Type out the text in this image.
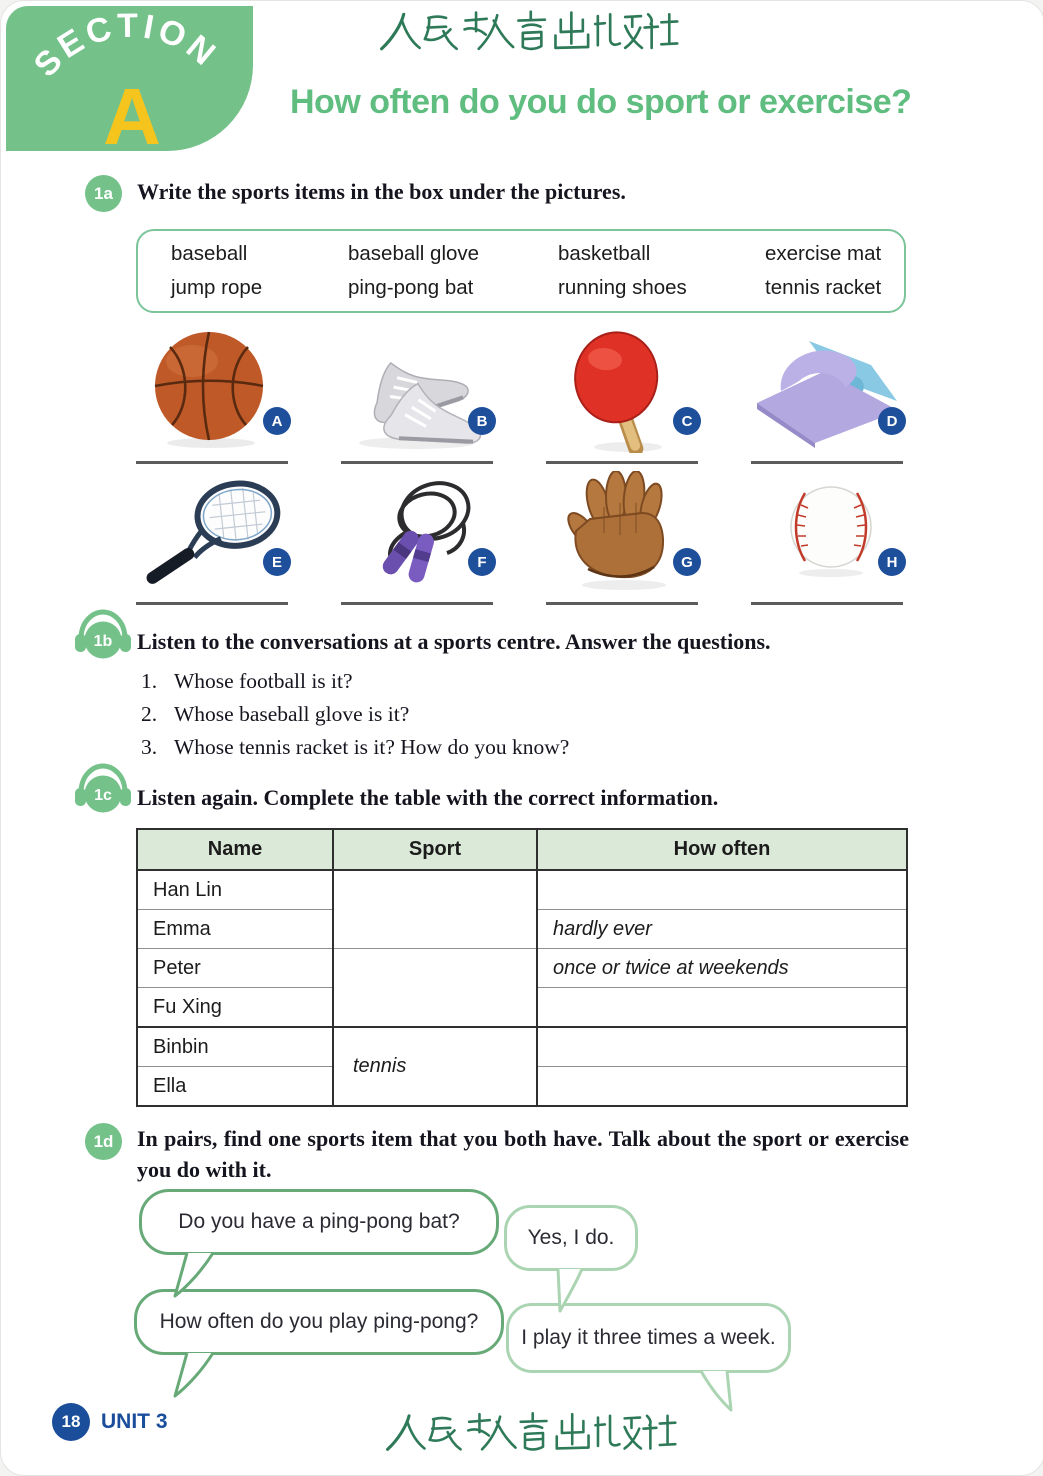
SECTION
A	How often do you do sport or exercise?
1a	Write the sports items in the box under the pictures.
baseball	baseball glove	basketball	exercise mat
jump rope	ping-pong bat	running shoes	tennis racket
A	B	C	D
E	F	G	H
1b Listen to the conversations at a sports centre. Answer the questions.
1. Whose football is it?
2. Whose baseball glove is it?
3. Whose tennis racket is it? How do you know?
1c Listen again. Complete the table with the correct information.
Name	Sport	How often
Han Lin		
Emma		hardly ever
Peter		once or twice at weekends
Fu Xing		
Binbin	tennis	
Ella		
1d	In pairs, find one sports item that you both have. Talk about the sport or exercise you do with it.
Do you have a ping-pong bat?
Yes, I do.
How often do you play ping-pong?
I play it three times a week.
18 UNIT 3
